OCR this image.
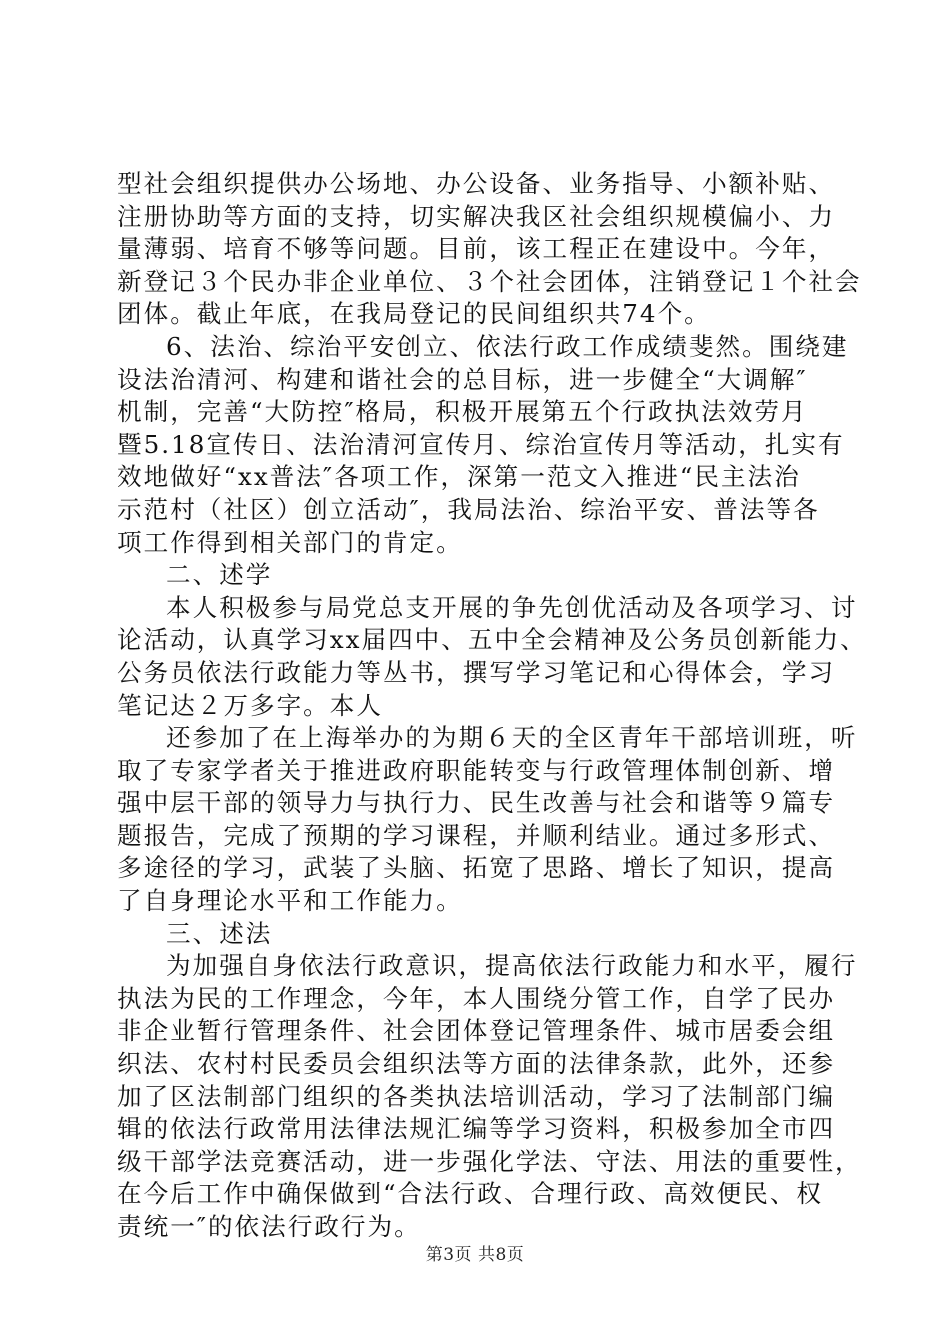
型社会组织提供办公场地、办公设备、业务指导、小额补贴、
注册协助等方面的支持，切实解决我区社会组织规模偏小、力
量薄弱、培育不够等问题。目前，该工程正在建设中。今年，
新登记３个民办非企业单位、３个社会团体，注销登记１个社会
团体。截止年底，在我局登记的民间组织共74个。
6、法治、综治平安创立、依法行政工作成绩斐然。围绕建
设法治清河、构建和谐社会的总目标，进一步健全“大调解″
机制，完善“大防控″格局，积极开展第五个行政执法效劳月
暨5.18宣传日、法治清河宣传月、综治宣传月等活动，扎实有
效地做好“xx普法″各项工作，深第一范文入推进“民主法治
示范村（社区）创立活动″，我局法治、综治平安、普法等各
项工作得到相关部门的肯定。
二、述学
本人积极参与局党总支开展的争先创优活动及各项学习、讨
论活动，认真学习xx届四中、五中全会精神及公务员创新能力、
公务员依法行政能力等丛书，撰写学习笔记和心得体会，学习
笔记达２万多字。本人
还参加了在上海举办的为期６天的全区青年干部培训班，听
取了专家学者关于推进政府职能转变与行政管理体制创新、增
强中层干部的领导力与执行力、民生改善与社会和谐等９篇专
题报告，完成了预期的学习课程，并顺利结业。通过多形式、
多途径的学习，武装了头脑、拓宽了思路、增长了知识，提高
了自身理论水平和工作能力。
三、述法
为加强自身依法行政意识，提高依法行政能力和水平，履行
执法为民的工作理念，今年，本人围绕分管工作，自学了民办
非企业暂行管理条件、社会团体登记管理条件、城市居委会组
织法、农村村民委员会组织法等方面的法律条款，此外，还参
加了区法制部门组织的各类执法培训活动，学习了法制部门编
辑的依法行政常用法律法规汇编等学习资料，积极参加全市四
级干部学法竞赛活动，进一步强化学法、守法、用法的重要性，
在今后工作中确保做到“合法行政、合理行政、高效便民、权
责统一″的依法行政行为。
第3页 共8页
